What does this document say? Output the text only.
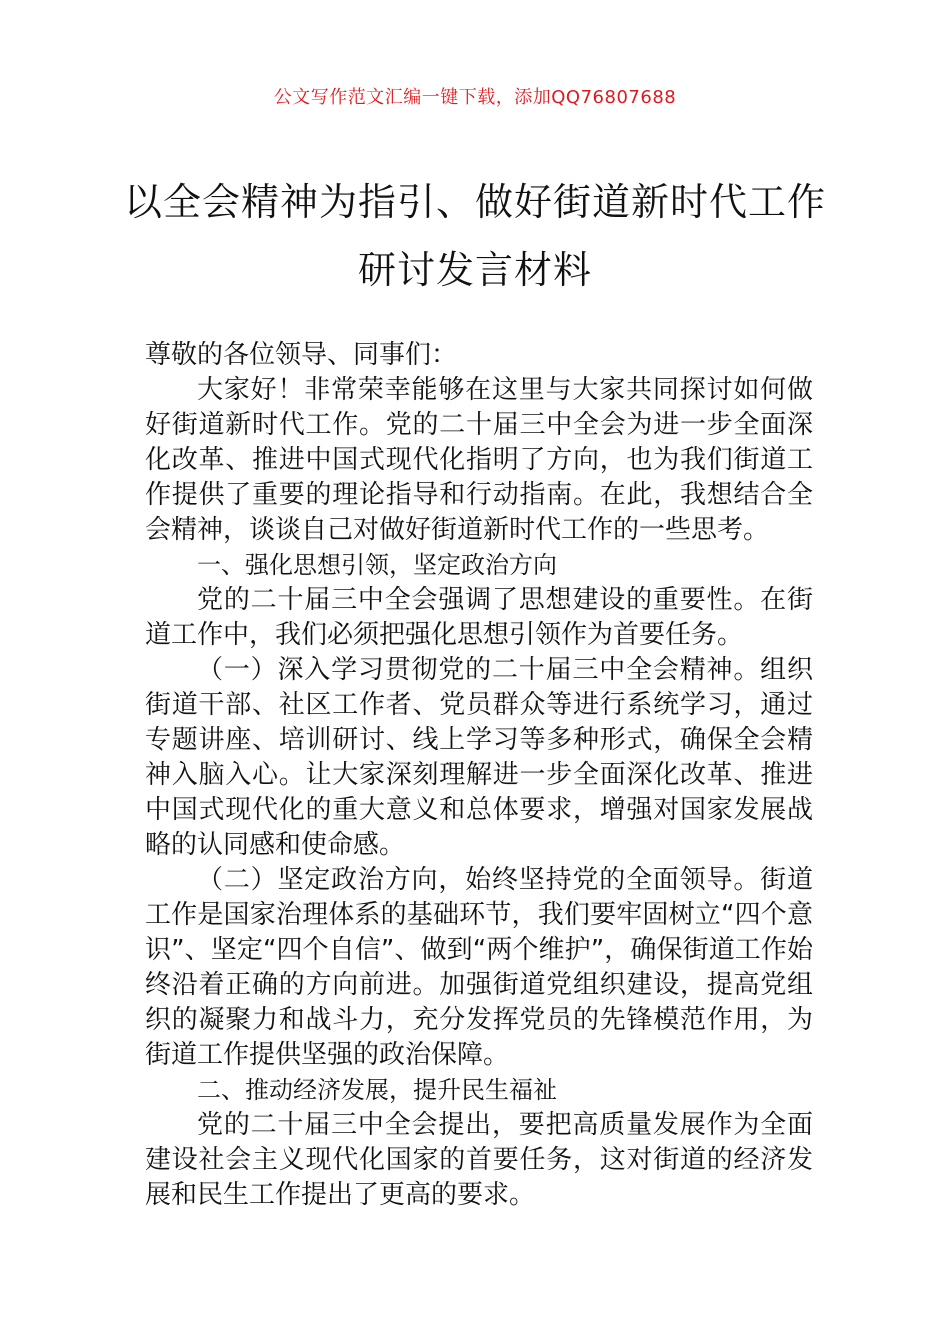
公文写作范文汇编一键下载，添加QQ76807688
以全会精神为指引、做好街道新时代工作
研讨发言材料

尊敬的各位领导、同事们：

大家好！非常荣幸能够在这里与大家共同探讨如何做好街道新时代工作。党的二十届三中全会为进一步全面深化改革、推进中国式现代化指明了方向，也为我们街道工作提供了重要的理论指导和行动指南。在此，我想结合全会精神，谈谈自己对做好街道新时代工作的一些思考。

一、强化思想引领，坚定政治方向

党的二十届三中全会强调了思想建设的重要性。在街道工作中，我们必须把强化思想引领作为首要任务。

（一）深入学习贯彻党的二十届三中全会精神。组织街道干部、社区工作者、党员群众等进行系统学习，通过专题讲座、培训研讨、线上学习等多种形式，确保全会精神入脑入心。让大家深刻理解进一步全面深化改革、推进中国式现代化的重大意义和总体要求，增强对国家发展战略的认同感和使命感。

（二）坚定政治方向，始终坚持党的全面领导。街道工作是国家治理体系的基础环节，我们要牢固树立“四个意识”、坚定“四个自信”、做到“两个维护”，确保街道工作始终沿着正确的方向前进。加强街道党组织建设，提高党组织的凝聚力和战斗力，充分发挥党员的先锋模范作用，为街道工作提供坚强的政治保障。

二、推动经济发展，提升民生福祉

党的二十届三中全会提出，要把高质量发展作为全面建设社会主义现代化国家的首要任务，这对街道的经济发展和民生工作提出了更高的要求。
